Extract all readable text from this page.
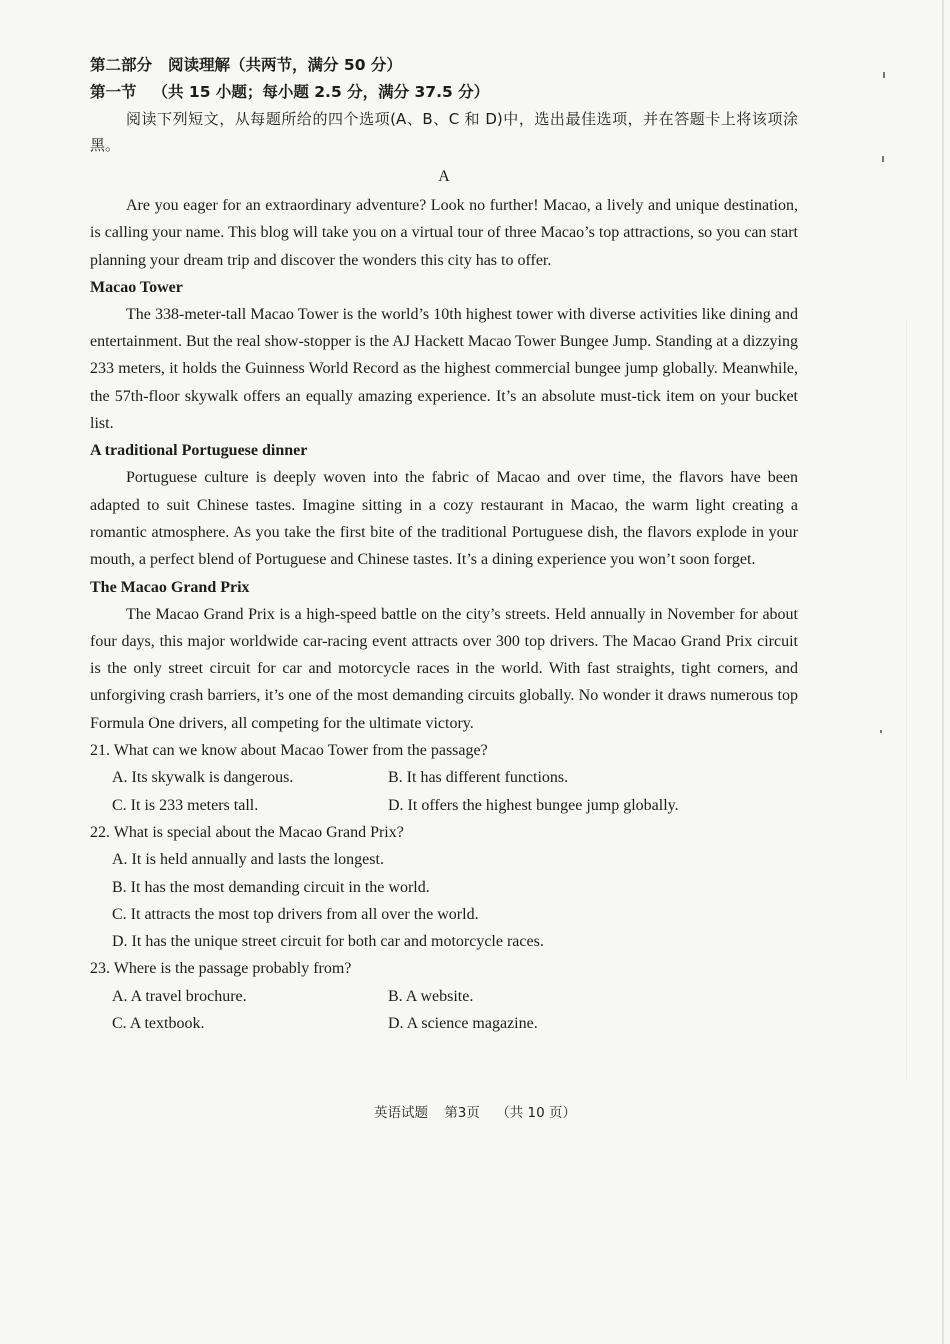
第二部分 阅读理解（共两节，满分 50 分）
第一节 （共 15 小题；每小题 2.5 分，满分 37.5 分）

阅读下列短文，从每题所给的四个选项(A、B、C 和 D)中，选出最佳选项，并在答题卡上将该项涂黑。

A

Are you eager for an extraordinary adventure? Look no further! Macao, a lively and unique destination, is calling your name. This blog will take you on a virtual tour of three Macao’s top attractions, so you can start planning your dream trip and discover the wonders this city has to offer.

Macao Tower

The 338-meter-tall Macao Tower is the world’s 10th highest tower with diverse activities like dining and entertainment. But the real show-stopper is the AJ Hackett Macao Tower Bungee Jump. Standing at a dizzying 233 meters, it holds the Guinness World Record as the highest commercial bungee jump globally. Meanwhile, the 57th-floor skywalk offers an equally amazing experience. It’s an absolute must-tick item on your bucket list.

A traditional Portuguese dinner

Portuguese culture is deeply woven into the fabric of Macao and over time, the flavors have been adapted to suit Chinese tastes. Imagine sitting in a cozy restaurant in Macao, the warm light creating a romantic atmosphere. As you take the first bite of the traditional Portuguese dish, the flavors explode in your mouth, a perfect blend of Portuguese and Chinese tastes. It’s a dining experience you won’t soon forget.

The Macao Grand Prix

The Macao Grand Prix is a high-speed battle on the city’s streets. Held annually in November for about four days, this major worldwide car-racing event attracts over 300 top drivers. The Macao Grand Prix circuit is the only street circuit for car and motorcycle races in the world. With fast straights, tight corners, and unforgiving crash barriers, it’s one of the most demanding circuits globally. No wonder it draws numerous top Formula One drivers, all competing for the ultimate victory.

21. What can we know about Macao Tower from the passage?

A. Its skywalk is dangerous.	B. It has different functions.
C. It is 233 meters tall.	D. It offers the highest bungee jump globally.

22. What is special about the Macao Grand Prix?

A. It is held annually and lasts the longest.

B. It has the most demanding circuit in the world.

C. It attracts the most top drivers from all over the world.

D. It has the unique street circuit for both car and motorcycle races.

23. Where is the passage probably from?

A. A travel brochure.	B. A website.
C. A textbook.	D. A science magazine.
英语试题 第3页 （共 10 页）
